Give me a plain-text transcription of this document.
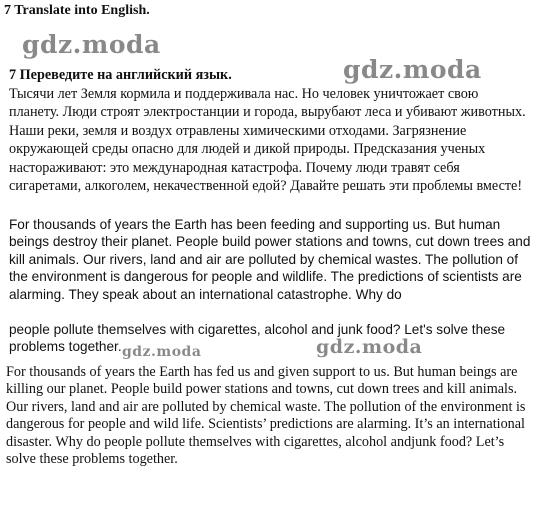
7 Translate into English.
gdz.moda
gdz.moda
7 Переведите на английский язык.
Тысячи лет Земля кормила и поддерживала нас. Но человек уничтожает свою планету. Люди строят электростанции и города, вырубают леса и убивают животных. Наши реки, земля и воздух отравлены химическими отходами. Загрязнение окружающей среды опасно для людей и дикой природы. Предсказания ученых настораживают: это международная катастрофа. Почему люди травят себя сигаретами, алкоголем, некачественной едой? Давайте решать эти проблемы вместе!
For thousands of years the Earth has been feeding and supporting us. But human beings destroy their planet. People build power stations and towns, cut down trees and kill animals. Our rivers, land and air are polluted by chemical wastes. The pollution of the environment is dangerous for people and wildlife. The predictions of scientists are alarming. They speak about an international catastrophe. Why do
people pollute themselves with cigarettes, alcohol and junk food? Let's solve these problems together. gdz.moda	gdz.moda
For thousands of years the Earth has fed us and given support to us. But human beings are killing our planet. People build power stations and towns, cut down trees and kill animals. Our rivers, land and air are polluted by chemical waste. The pollution of the environment is dangerous for people and wild life. Scientists’ predictions are alarming. It’s an international disaster. Why do people pollute themselves with cigarettes, alcohol andjunk food? Let’s solve these problems together.
